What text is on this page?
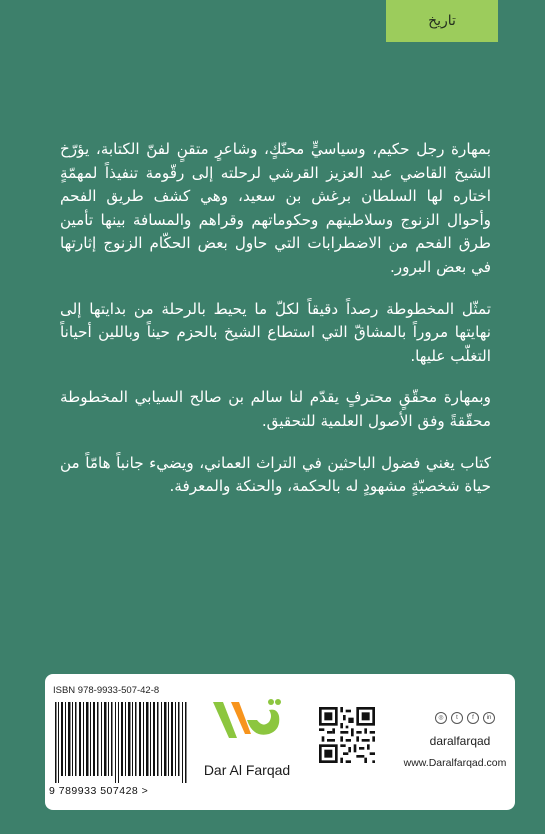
تاريخ

بمهارة رجل حكيم، وسياسيٍّ محنّكٍ، وشاعرٍ متقنٍ لفنّ الكتابة، يؤرّخ الشيخ القاضي عبد العزيز القرشي لرحلته إلى رقّومة تنفيذاً لمهمّةٍ اختاره لها السلطان برغش بن سعيد، وهي كشف طريق الفحم وأحوال الزنوج وسلاطينهم وحكوماتهم وقراهم والمسافة بينها تأمين طرق الفحم من الاضطرابات التي حاول بعض الحكّام الزنوج إثارتها في بعض البرور.

تمثّل المخطوطة رصداً دقيقاً لكلّ ما يحيط بالرحلة من بدايتها إلى نهايتها مروراً بالمشاقّ التي استطاع الشيخ بالحزم حيناً وباللين أحياناً التغلّب عليها.

وبمهارة محقّقٍ محترفٍ يقدّم لنا سالم بن صالح السيابي المخطوطة محقّقةً وفق الأصول العلمية للتحقيق.

كتاب يغني فضول الباحثين في التراث العماني، ويضيء جانباً هامّاً من حياة شخصيّةٍ مشهودٍ له بالحكمة، والحنكة والمعرفة.

ISBN 978-9933-507-42-8
9 789933 507428 >
Dar Al Farqad
◎	t	f	in
daralfarqad
www.Daralfarqad.com
